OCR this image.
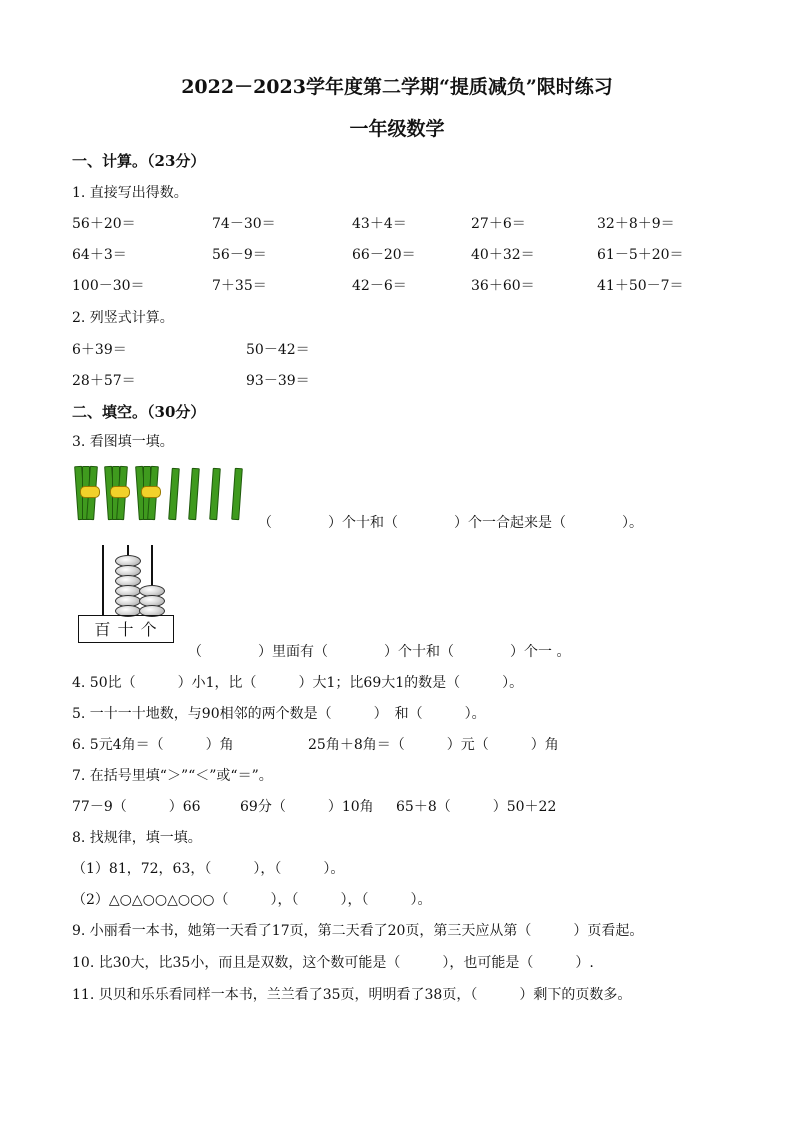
2022－2023学年度第二学期“提质减负”限时练习
一年级数学
一、计算。（23分）
1. 直接写出得数。
56＋20＝	74－30＝	43＋4＝	27＋6＝	32＋8＋9＝
64＋3＝	56－9＝	66－20＝	40＋32＝	61－5＋20＝
100－30＝	7＋35＝	42－6＝	36＋60＝	41＋50－7＝
2. 列竖式计算。
6＋39＝	50－42＝
28＋57＝	93－39＝
二、填空。（30分）
3. 看图填一填。
（　　　　）个十和（　　　　）个一合起来是（　　　　）。
百 十 个
（　　　　）里面有（　　　　）个十和（　　　　）个一 。
4. 50比（　　　）小1，比（　　　）大1；比69大1的数是（　　　）。
5. 一十一十地数，与90相邻的两个数是（　　　）　和（　　　）。
6. 5元4角＝（　　　）角	25角＋8角＝（　　　）元（　　　）角
7. 在括号里填“＞”“＜”或“＝”。
77－9（　　　）66	69分（　　　）10角 65＋8（　　　）50＋22
8. 找规律，填一填。
（1）81，72，63，（　　　），（　　　）。
（2）△○△○○△○○○（　　　），（　　　），（　　　）。
9. 小丽看一本书，她第一天看了17页，第二天看了20页，第三天应从第（　　　）页看起。
10. 比30大，比35小，而且是双数，这个数可能是（　　　），也可能是（　　　）.
11. 贝贝和乐乐看同样一本书，兰兰看了35页，明明看了38页，（　　　）剩下的页数多。
